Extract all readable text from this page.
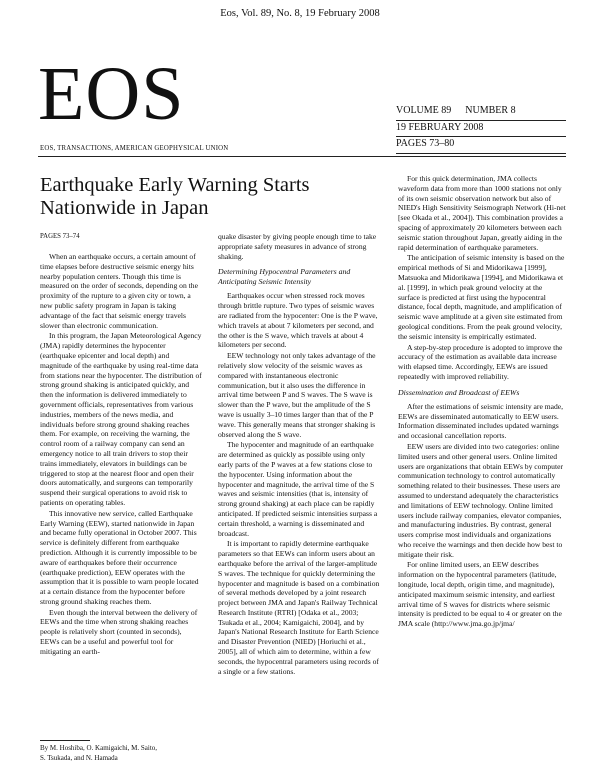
Eos, Vol. 89, No. 8, 19 February 2008
EOS
EOS, TRANSACTIONS, AMERICAN GEOPHYSICAL UNION
VOLUME 89 NUMBER 8
19 FEBRUARY 2008
PAGES 73–80
Earthquake Early Warning Starts Nationwide in Japan
PAGES 73–74

When an earthquake occurs, a certain amount of time elapses before destructive seismic energy hits nearby population centers. Though this time is measured on the order of seconds, depending on the proximity of the rupture to a given city or town, a new public safety program in Japan is taking advantage of the fact that seismic energy travels slower than electronic communication.

In this program, the Japan Meteorological Agency (JMA) rapidly determines the hypocenter (earthquake epicenter and local depth) and magnitude of the earthquake by using real-time data from stations near the hypocenter. The distribution of strong ground shaking is anticipated quickly, and then the information is delivered immediately to government officials, representatives from various industries, members of the news media, and individuals before strong ground shaking reaches them. For example, on receiving the warning, the control room of a railway company can send an emergency notice to all train drivers to stop their trains immediately, elevators in buildings can be triggered to stop at the nearest floor and open their doors automatically, and surgeons can temporarily suspend their surgical operations to avoid risk to patients on operating tables.

This innovative new service, called Earthquake Early Warning (EEW), started nationwide in Japan and became fully operational in October 2007. This service is definitely different from earthquake prediction. Although it is currently impossible to be aware of earthquakes before their occurrence (earthquake prediction), EEW operates with the assumption that it is possible to warn people located at a certain distance from the hypocenter before strong ground shaking reaches them.

Even though the interval between the delivery of EEWs and the time when strong shaking reaches people is relatively short (counted in seconds), EEWs can be a useful and powerful tool for mitigating an earth-

quake disaster by giving people enough time to take appropriate safety measures in advance of strong shaking.

Determining Hypocentral Parameters and Anticipating Seismic Intensity

Earthquakes occur when stressed rock moves through brittle rupture. Two types of seismic waves are radiated from the hypocenter: One is the P wave, which travels at about 7 kilometers per second, and the other is the S wave, which travels at about 4 kilometers per second.

EEW technology not only takes advantage of the relatively slow velocity of the seismic waves as compared with instantaneous electronic communication, but it also uses the difference in arrival time between P and S waves. The S wave is slower than the P wave, but the amplitude of the S wave is usually 3–10 times larger than that of the P wave. This generally means that stronger shaking is observed along the S wave.

The hypocenter and magnitude of an earthquake are determined as quickly as possible using only early parts of the P waves at a few stations close to the hypocenter. Using information about the hypocenter and magnitude, the arrival time of the S waves and seismic intensities (that is, intensity of strong ground shaking) at each place can be rapidly anticipated. If predicted seismic intensities surpass a certain threshold, a warning is disseminated and broadcast.

It is important to rapidly determine earthquake parameters so that EEWs can inform users about an earthquake before the arrival of the larger-amplitude S waves. The technique for quickly determining the hypocenter and magnitude is based on a combination of several methods developed by a joint research project between JMA and Japan's Railway Technical Research Institute (RTRI) [Odaka et al., 2003; Tsukada et al., 2004; Kamigaichi, 2004], and by Japan's National Research Institute for Earth Science and Disaster Prevention (NIED) [Horiuchi et al., 2005], all of which aim to determine, within a few seconds, the hypocentral parameters using records of a single or a few stations.

For this quick determination, JMA collects waveform data from more than 1000 stations not only of its own seismic observation network but also of NIED's High Sensitivity Seismograph Network (Hi-net [see Okada et al., 2004]). This combination provides a spacing of approximately 20 kilometers between each seismic station throughout Japan, greatly aiding in the rapid determination of earthquake parameters.

The anticipation of seismic intensity is based on the empirical methods of Si and Midorikawa [1999], Matsuoka and Midorikawa [1994], and Midorikawa et al. [1999], in which peak ground velocity at the surface is predicted at first using the hypocentral distance, focal depth, magnitude, and amplification of seismic wave amplitude at a given site estimated from geological conditions. From the peak ground velocity, the seismic intensity is empirically estimated.

A step-by-step procedure is adopted to improve the accuracy of the estimation as available data increase with elapsed time. Accordingly, EEWs are issued repeatedly with improved reliability.

Dissemination and Broadcast of EEWs

After the estimations of seismic intensity are made, EEWs are disseminated automatically to EEW users. Information disseminated includes updated warnings and occasional cancellation reports.

EEW users are divided into two categories: online limited users and other general users. Online limited users are organizations that obtain EEWs by computer communication technology to control automatically something related to their businesses. These users are assumed to understand adequately the characteristics and limitations of EEW technology. Online limited users include railway companies, elevator companies, and manufacturing industries. By contrast, general users comprise most individuals and organizations who receive the warnings and then decide how best to mitigate their risk.

For online limited users, an EEW describes information on the hypocentral parameters (latitude, longitude, local depth, origin time, and magnitude), anticipated maximum seismic intensity, and earliest arrival time of S waves for districts where seismic intensity is predicted to be equal to 4 or greater on the JMA scale (http://www.jma.go.jp/jma/

By M. Hoshiba, O. Kamigaichi, M. Saito,
S. Tsukada, and N. Hamada
